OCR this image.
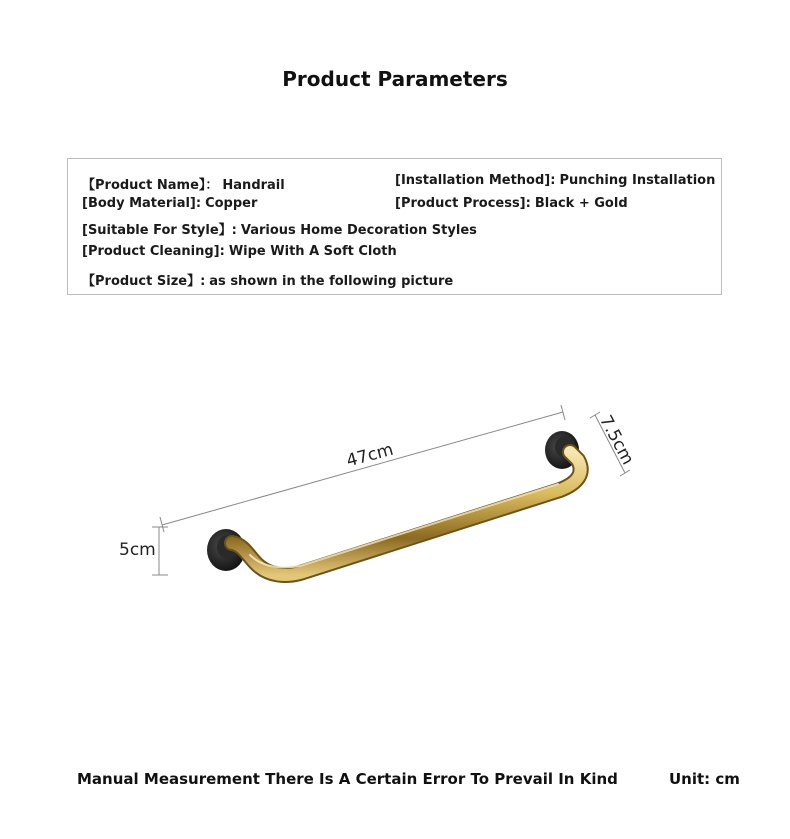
Product Parameters
【Product Name】： Handrail	[Installation Method]: Punching Installation
[Body Material]: Copper	[Product Process]: Black + Gold
[Suitable For Style】: Various Home Decoration Styles
[Product Cleaning]: Wipe With A Soft Cloth
【Product Size】: as shown in the following picture
47cm	7.5cm
5cm
Manual Measurement There Is A Certain Error To Prevail In Kind	Unit: cm
